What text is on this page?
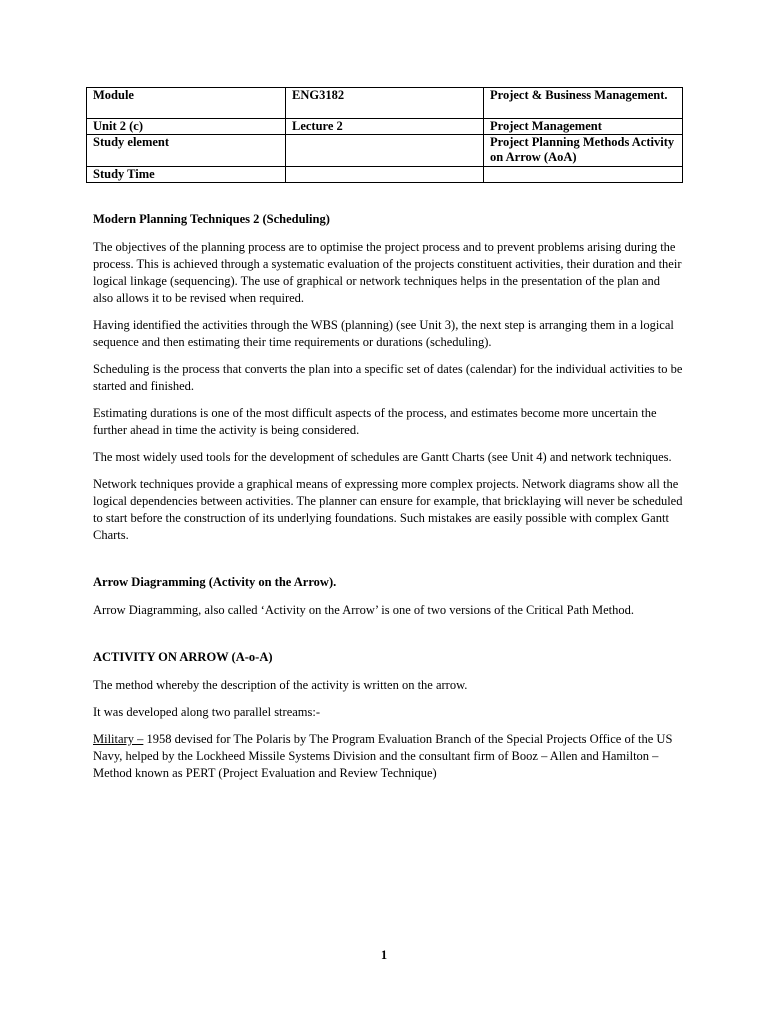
Module	ENG3182	Project & Business Management.
Unit 2 (c)	Lecture 2	Project Management
Study element		Project Planning Methods Activity on Arrow (AoA)
Study Time		

Modern Planning Techniques 2 (Scheduling)

The objectives of the planning process are to optimise the project process and to prevent problems arising during the process. This is achieved through a systematic evaluation of the projects constituent activities, their duration and their logical linkage (sequencing). The use of graphical or network techniques helps in the presentation of the plan and also allows it to be revised when required.

Having identified the activities through the WBS (planning) (see Unit 3), the next step is arranging them in a logical sequence and then estimating their time requirements or durations (scheduling).

Scheduling is the process that converts the plan into a specific set of dates (calendar) for the individual activities to be started and finished.

Estimating durations is one of the most difficult aspects of the process, and estimates become more uncertain the further ahead in time the activity is being considered.

The most widely used tools for the development of schedules are Gantt Charts (see Unit 4) and network techniques.

Network techniques provide a graphical means of expressing more complex projects. Network diagrams show all the logical dependencies between activities. The planner can ensure for example, that bricklaying will never be scheduled to start before the construction of its underlying foundations. Such mistakes are easily possible with complex Gantt Charts.

Arrow Diagramming (Activity on the Arrow).

Arrow Diagramming, also called ‘Activity on the Arrow’ is one of two versions of the Critical Path Method.

ACTIVITY ON ARROW (A-o-A)

The method whereby the description of the activity is written on the arrow.

It was developed along two parallel streams:-

Military – 1958 devised for The Polaris by The Program Evaluation Branch of the Special Projects Office of the US Navy, helped by the Lockheed Missile Systems Division and the consultant firm of Booz – Allen and Hamilton – Method known as PERT (Project Evaluation and Review Technique)

1
